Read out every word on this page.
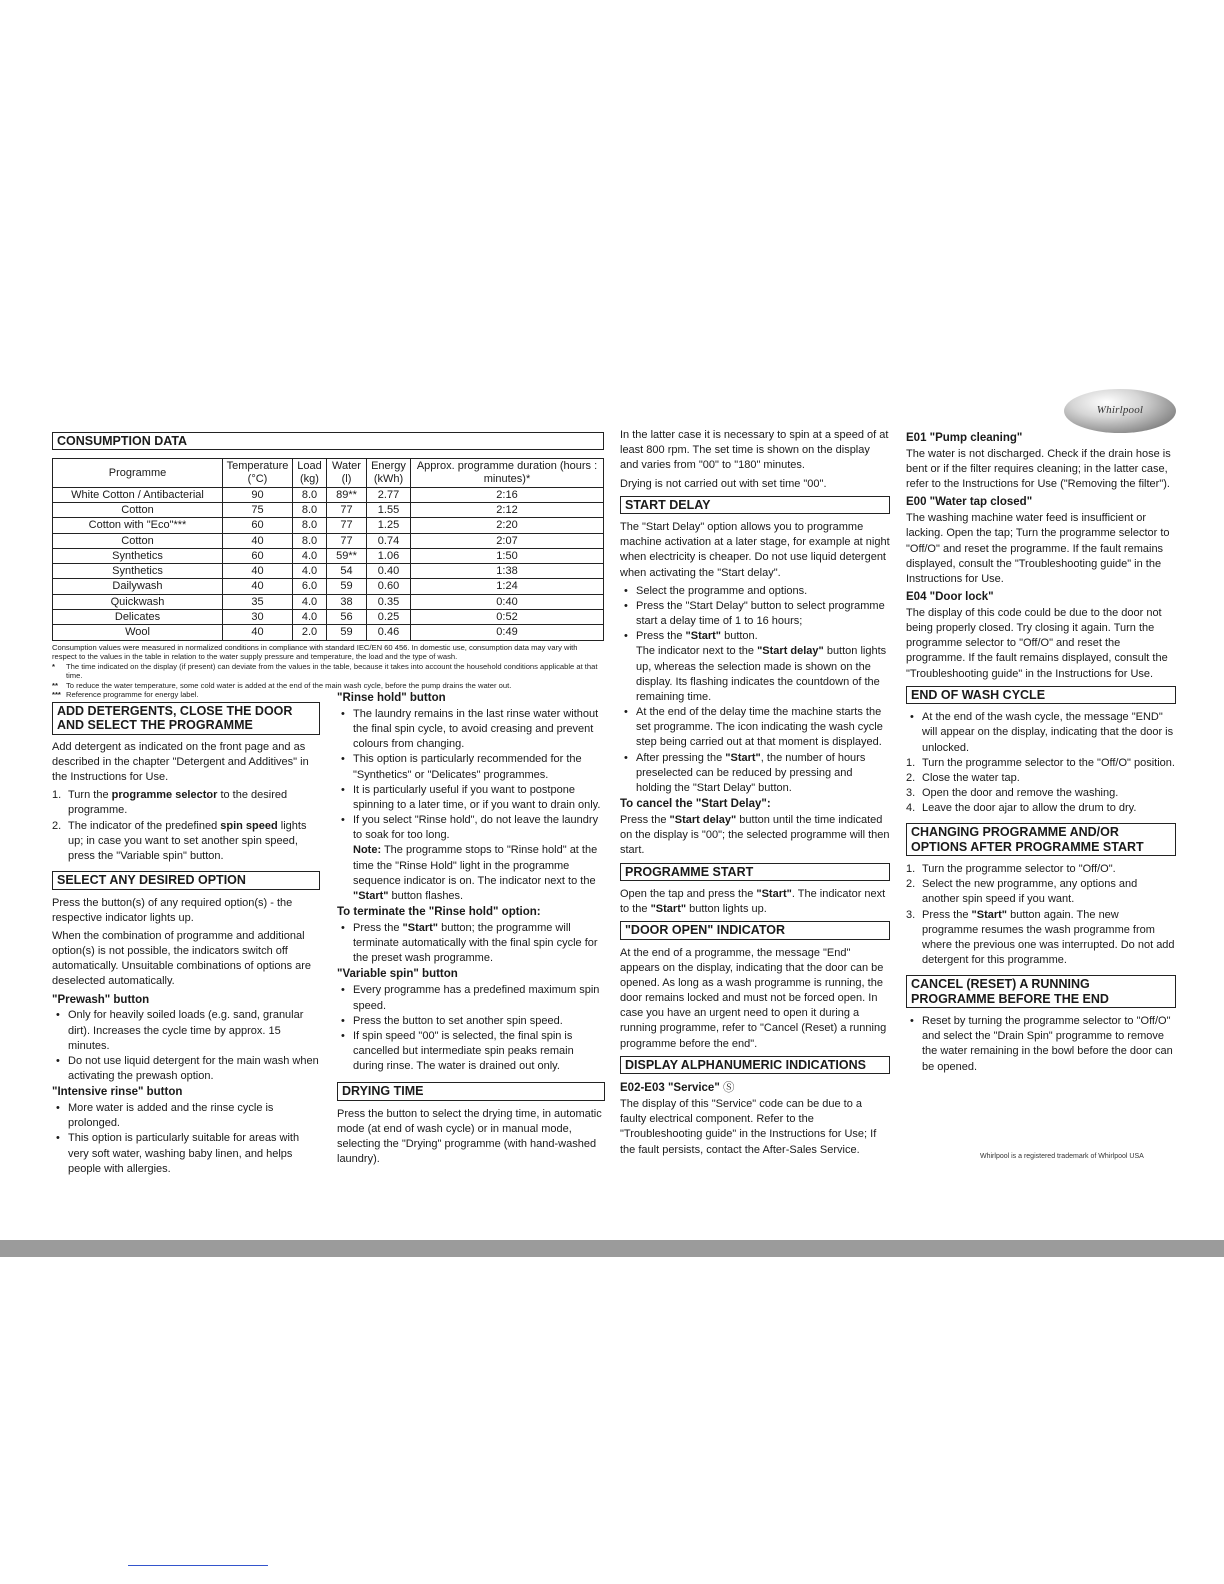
Whirlpool
CONSUMPTION DATA
Programme	Temperature (°C)	Load (kg)	Water (l)	Energy (kWh)	Approx. programme duration (hours : minutes)*
White Cotton / Antibacterial	90	8.0	89**	2.77	2:16
Cotton	75	8.0	77	1.55	2:12
Cotton with "Eco"***	60	8.0	77	1.25	2:20
Cotton	40	8.0	77	0.74	2:07
Synthetics	60	4.0	59**	1.06	1:50
Synthetics	40	4.0	54	0.40	1:38
Dailywash	40	6.0	59	0.60	1:24
Quickwash	35	4.0	38	0.35	0:40
Delicates	30	4.0	56	0.25	0:52
Wool	40	2.0	59	0.46	0:49
Consumption values were measured in normalized conditions in compliance with standard IEC/EN 60 456. In domestic use, consumption data may vary with respect to the values in the table in relation to the water supply pressure and temperature, the load and the type of wash.
* The time indicated on the display (if present) can deviate from the values in the table, because it takes into account the household conditions applicable at that time.
** To reduce the water temperature, some cold water is added at the end of the main wash cycle, before the pump drains the water out.
*** Reference programme for energy label.
ADD DETERGENTS, CLOSE THE DOOR
AND SELECT THE PROGRAMME

Add detergent as indicated on the front page and as described in the chapter "Detergent and Additives" in the Instructions for Use.

1. Turn the programme selector to the desired programme.
2. The indicator of the predefined spin speed lights up; in case you want to set another spin speed, press the "Variable spin" button.
SELECT ANY DESIRED OPTION

Press the button(s) of any required option(s) - the respective indicator lights up.

When the combination of programme and additional option(s) is not possible, the indicators switch off automatically. Unsuitable combinations of options are deselected automatically.

"Prewash" button
• Only for heavily soiled loads (e.g. sand, granular dirt). Increases the cycle time by approx. 15 minutes.
• Do not use liquid detergent for the main wash when activating the prewash option.
"Intensive rinse" button
• More water is added and the rinse cycle is prolonged.
• This option is particularly suitable for areas with very soft water, washing baby linen, and helps people with allergies.
"Rinse hold" button
• The laundry remains in the last rinse water without the final spin cycle, to avoid creasing and prevent colours from changing.
• This option is particularly recommended for the "Synthetics" or "Delicates" programmes.
• It is particularly useful if you want to postpone spinning to a later time, or if you want to drain only.
• If you select "Rinse hold", do not leave the laundry to soak for too long.
Note: The programme stops to "Rinse hold" at the time the "Rinse Hold" light in the programme sequence indicator is on. The indicator next to the "Start" button flashes.
To terminate the "Rinse hold" option:
• Press the "Start" button; the programme will terminate automatically with the final spin cycle for the preset wash programme.
"Variable spin" button
• Every programme has a predefined maximum spin speed.
• Press the button to set another spin speed.
• If spin speed "00" is selected, the final spin is cancelled but intermediate spin peaks remain during rinse. The water is drained out only.
DRYING TIME

Press the button to select the drying time, in automatic mode (at end of wash cycle) or in manual mode, selecting the "Drying" programme (with hand-washed laundry).

In the latter case it is necessary to spin at a speed of at least 800 rpm. The set time is shown on the display and varies from "00" to "180" minutes.

Drying is not carried out with set time "00".

START DELAY

The "Start Delay" option allows you to programme machine activation at a later stage, for example at night when electricity is cheaper. Do not use liquid detergent when activating the "Start delay".

• Select the programme and options.
• Press the "Start Delay" button to select programme start a delay time of 1 to 16 hours;
• Press the "Start" button.
The indicator next to the "Start delay" button lights up, whereas the selection made is shown on the display. Its flashing indicates the countdown of the remaining time.
• At the end of the delay time the machine starts the set programme. The icon indicating the wash cycle step being carried out at that moment is displayed.
• After pressing the "Start", the number of hours preselected can be reduced by pressing and holding the "Start Delay" button.
To cancel the "Start Delay":

Press the "Start delay" button until the time indicated on the display is "00"; the selected programme will then start.

PROGRAMME START

Open the tap and press the "Start". The indicator next to the "Start" button lights up.

"DOOR OPEN" INDICATOR

At the end of a programme, the message "End" appears on the display, indicating that the door can be opened. As long as a wash programme is running, the door remains locked and must not be forced open. In case you have an urgent need to open it during a running programme, refer to "Cancel (Reset) a running programme before the end".

DISPLAY ALPHANUMERIC INDICATIONS
E02-E03 "Service" Ⓢ

The display of this "Service" code can be due to a faulty electrical component. Refer to the "Troubleshooting guide" in the Instructions for Use; If the fault persists, contact the After-Sales Service.

E01 "Pump cleaning"

The water is not discharged. Check if the drain hose is bent or if the filter requires cleaning; in the latter case, refer to the Instructions for Use ("Removing the filter").

E00 "Water tap closed"

The washing machine water feed is insufficient or lacking. Open the tap; Turn the programme selector to "Off/O" and reset the programme. If the fault remains displayed, consult the "Troubleshooting guide" in the Instructions for Use.

E04 "Door lock"

The display of this code could be due to the door not being properly closed. Try closing it again. Turn the programme selector to "Off/O" and reset the programme. If the fault remains displayed, consult the "Troubleshooting guide" in the Instructions for Use.

END OF WASH CYCLE
• At the end of the wash cycle, the message "END" will appear on the display, indicating that the door is unlocked.
1. Turn the programme selector to the "Off/O" position.
2. Close the water tap.
3. Open the door and remove the washing.
4. Leave the door ajar to allow the drum to dry.
CHANGING PROGRAMME AND/OR
OPTIONS AFTER PROGRAMME START
1. Turn the programme selector to "Off/O".
2. Select the new programme, any options and another spin speed if you want.
3. Press the "Start" button again. The new programme resumes the wash programme from where the previous one was interrupted. Do not add detergent for this programme.
CANCEL (RESET) A RUNNING
PROGRAMME BEFORE THE END
• Reset by turning the programme selector to "Off/O" and select the "Drain Spin" programme to remove the water remaining in the bowl before the door can be opened.
Whirlpool is a registered trademark of Whirlpool USA
